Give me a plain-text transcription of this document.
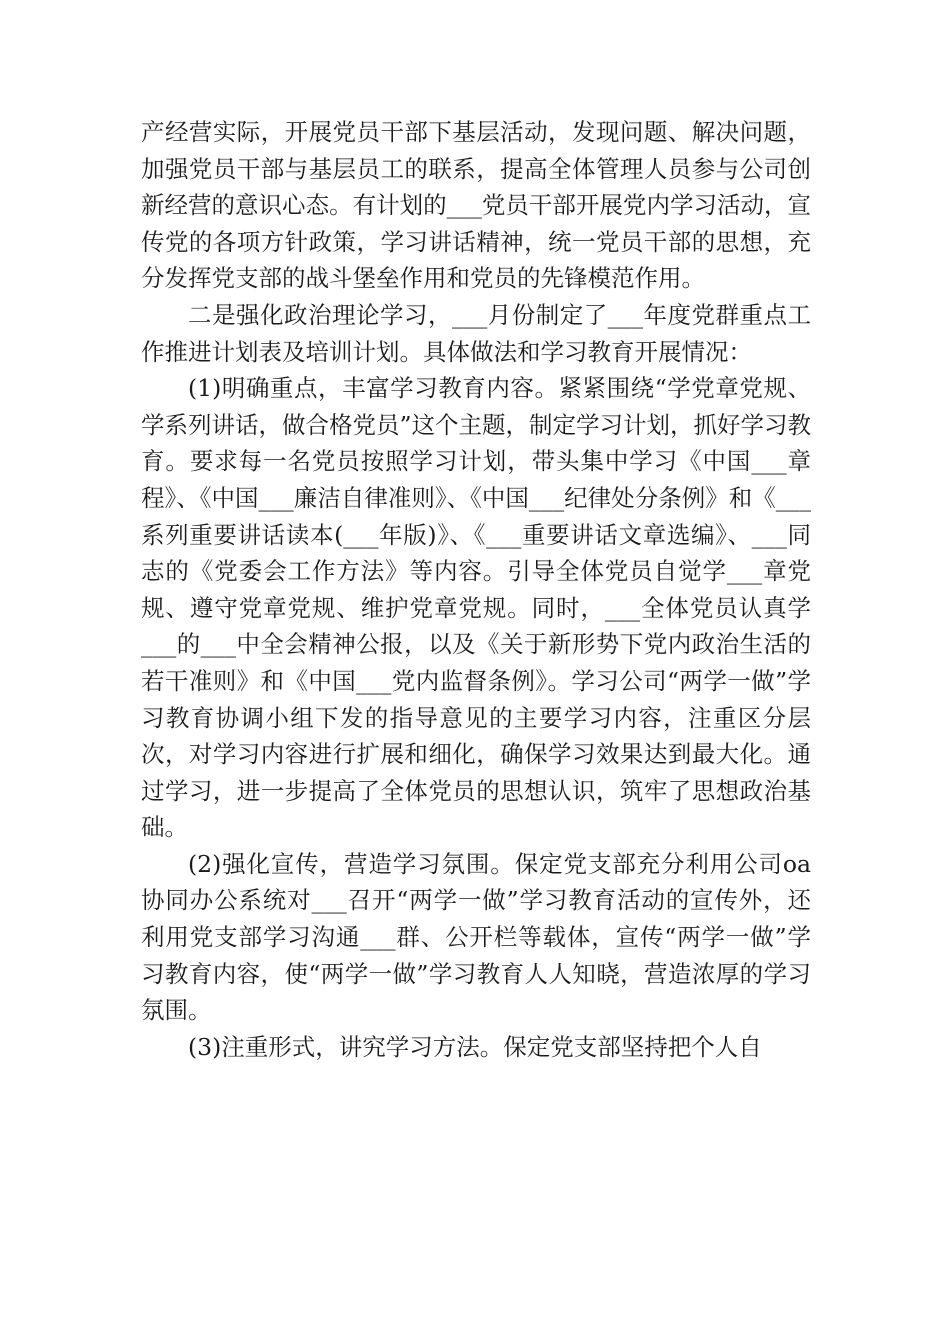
产经营实际，开展党员干部下基层活动，发现问题、解决问题，加强党员干部与基层员工的联系，提高全体管理人员参与公司创新经营的意识心态。有计划的___党员干部开展党内学习活动，宣传党的各项方针政策，学习讲话精神，统一党员干部的思想，充分发挥党支部的战斗堡垒作用和党员的先锋模范作用。

二是强化政治理论学习，___月份制定了___年度党群重点工作推进计划表及培训计划。具体做法和学习教育开展情况：

(1)明确重点，丰富学习教育内容。紧紧围绕“学党章党规、学系列讲话，做合格党员”这个主题，制定学习计划，抓好学习教育。要求每一名党员按照学习计划，带头集中学习《中国___章程》、《中国___廉洁自律准则》、《中国___纪律处分条例》和《___系列重要讲话读本(___年版)》、《___重要讲话文章选编》、___同志的《党委会工作方法》等内容。引导全体党员自觉学___章党规、遵守党章党规、维护党章党规。同时，___全体党员认真学___的___中全会精神公报，以及《关于新形势下党内政治生活的若干准则》和《中国___党内监督条例》。学习公司“两学一做”学习教育协调小组下发的指导意见的主要学习内容，注重区分层次，对学习内容进行扩展和细化，确保学习效果达到最大化。通过学习，进一步提高了全体党员的思想认识，筑牢了思想政治基础。

(2)强化宣传，营造学习氛围。保定党支部充分利用公司oa协同办公系统对___召开“两学一做”学习教育活动的宣传外，还利用党支部学习沟通___群、公开栏等载体，宣传“两学一做”学习教育内容，使“两学一做”学习教育人人知晓，营造浓厚的学习氛围。

(3)注重形式，讲究学习方法。保定党支部坚持把个人自
